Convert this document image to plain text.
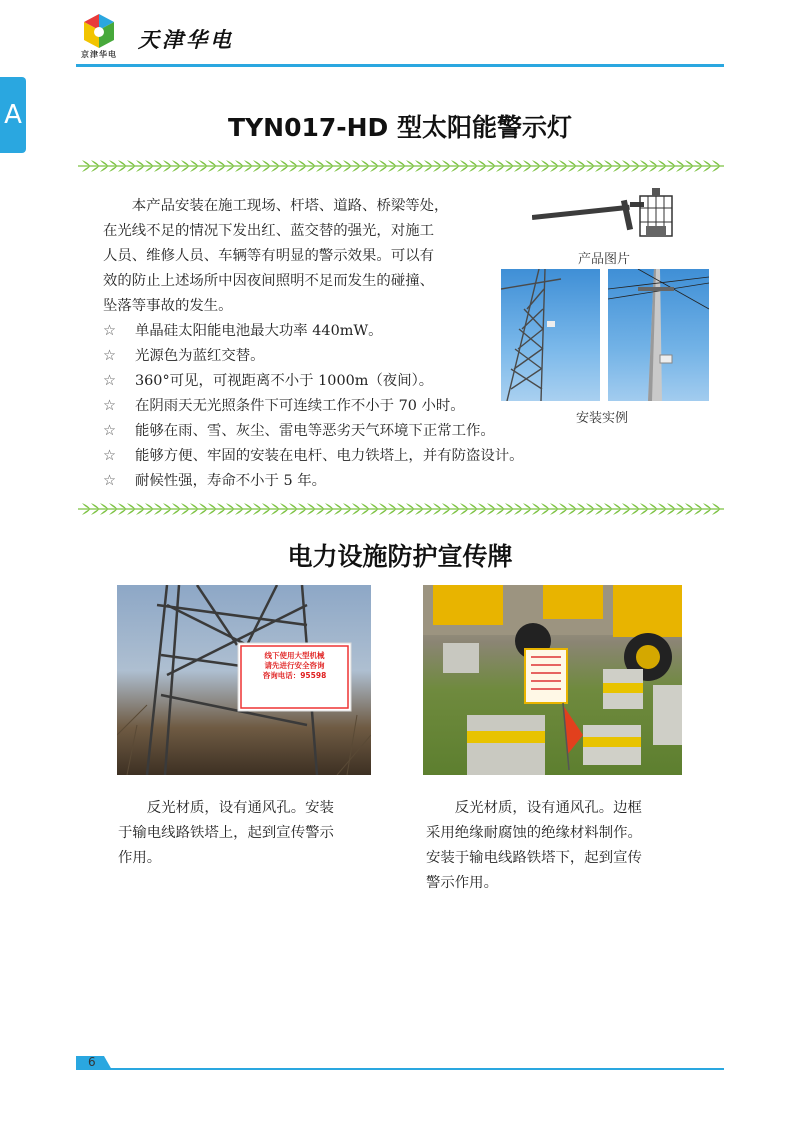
京津华电
天津华电
A	TYN017-HD 型太阳能警示灯
本产品安装在施工现场、杆塔、道路、桥梁等处，
在光线不足的情况下发出红、蓝交替的强光，对施工
人员、维修人员、车辆等有明显的警示效果。可以有
效的防止上述场所中因夜间照明不足而发生的碰撞、
坠落等事故的发生。
☆ 单晶硅太阳能电池最大功率 440mW。
☆ 光源色为蓝红交替。
☆ 360°可见，可视距离不小于 1000m（夜间）。
☆ 在阴雨天无光照条件下可连续工作不小于 70 小时。
☆ 能够在雨、雪、灰尘、雷电等恶劣天气环境下正常工作。
☆ 能够方便、牢固的安装在电杆、电力铁塔上，并有防盗设计。
☆ 耐候性强，寿命不小于 5 年。
产品图片
安装实例
电力设施防护宣传牌
线下使用大型机械
请先进行安全咨询
咨询电话：95598
反光材质，设有通风孔。安装
于输电线路铁塔上，起到宣传警示
作用。
反光材质，设有通风孔。边框
采用绝缘耐腐蚀的绝缘材料制作。
安装于输电线路铁塔下，起到宣传
警示作用。
6
